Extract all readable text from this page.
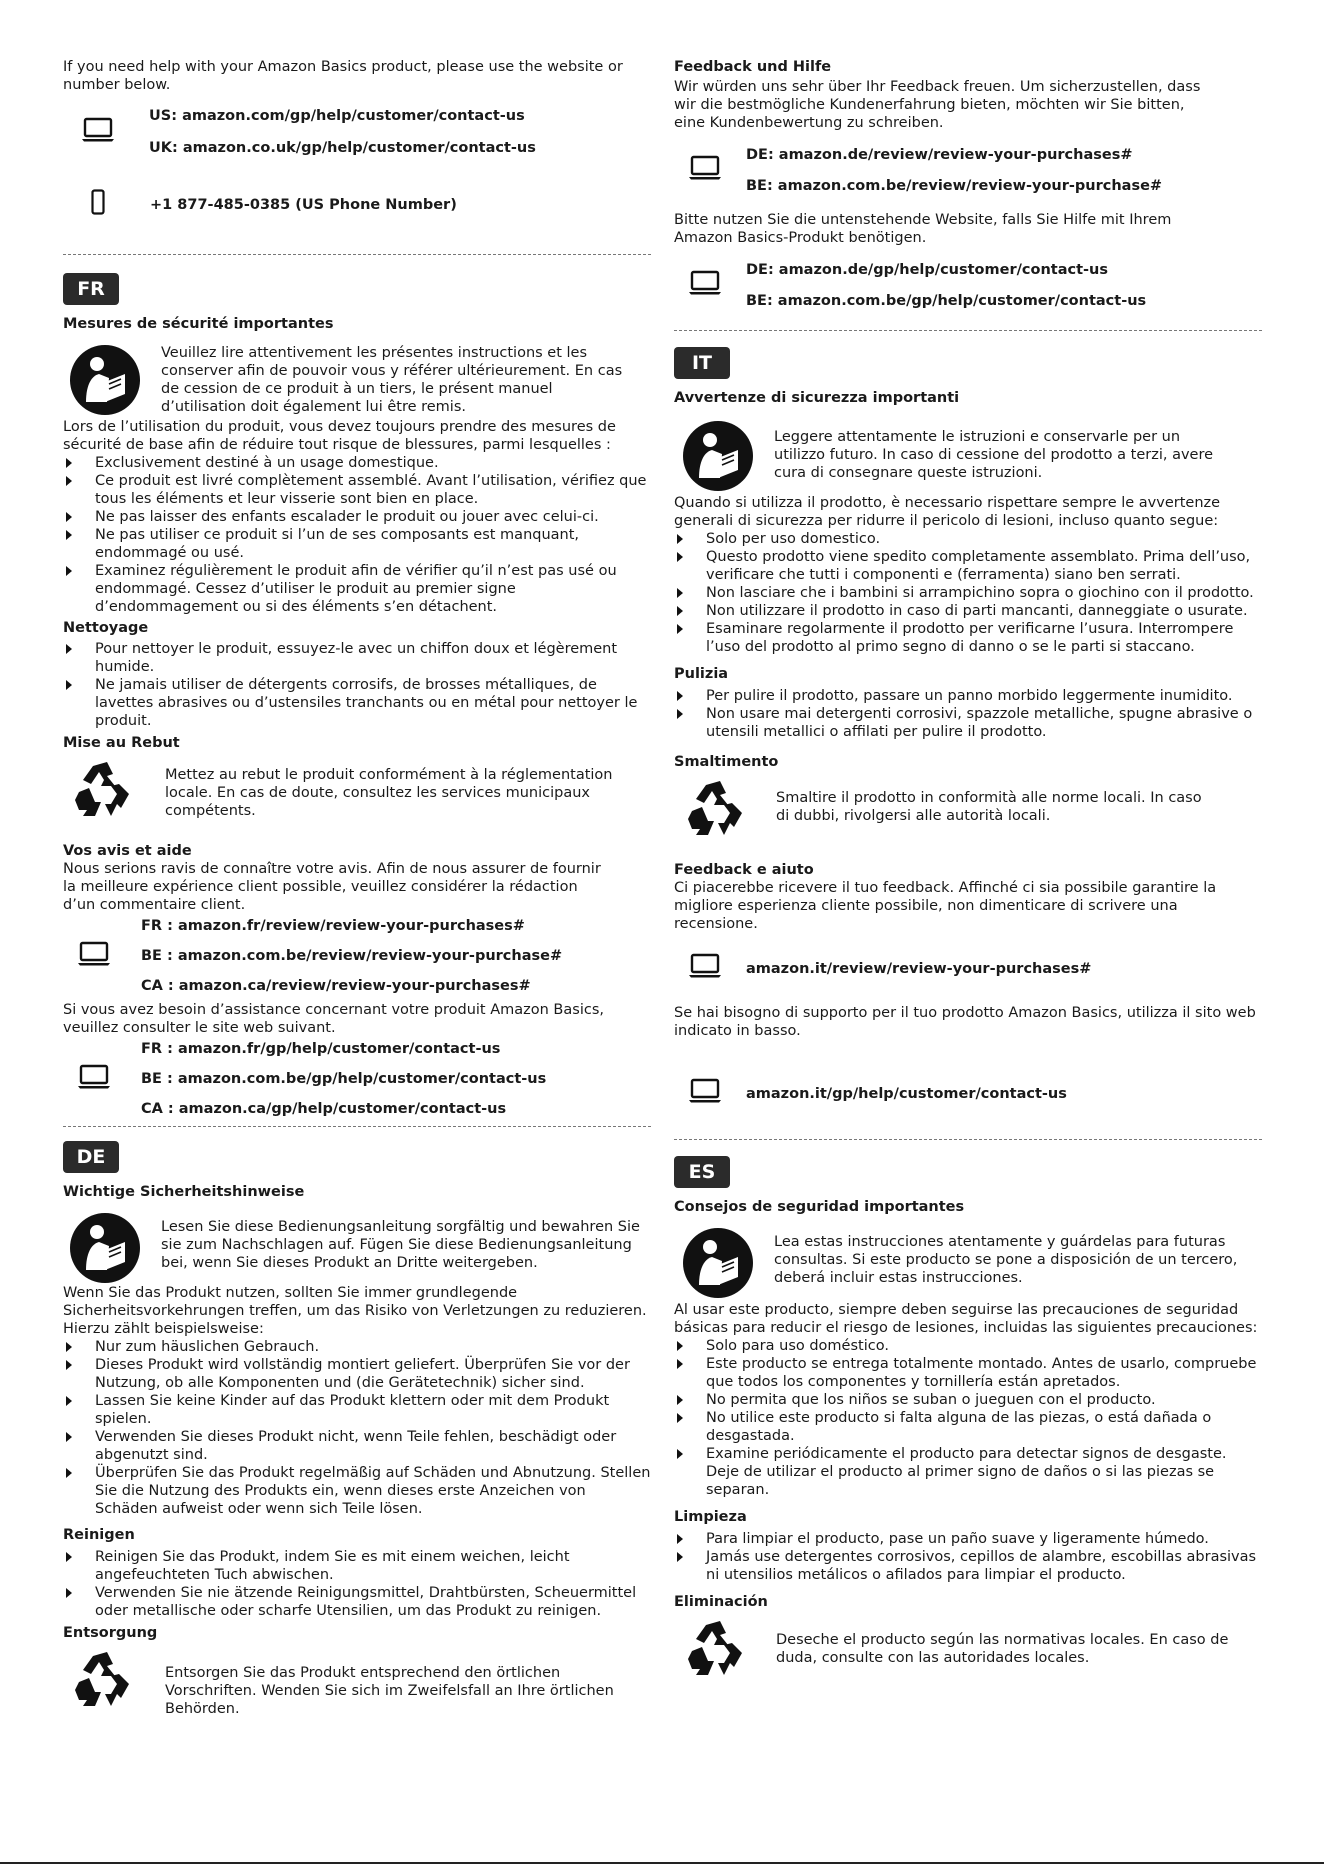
If you need help with your Amazon Basics product, please use the website or number below.

US: amazon.com/gp/help/customer/contact-us
UK: amazon.co.uk/gp/help/customer/contact-us
+1 877-485-0385 (US Phone Number)
FR

Mesures de sécurité importantes

Veuillez lire attentivement les présentes instructions et les conserver afin de pouvoir vous y référer ultérieurement. En cas de cession de ce produit à un tiers, le présent manuel d’utilisation doit également lui être remis.

Lors de l’utilisation du produit, vous devez toujours prendre des mesures de sécurité de base afin de réduire tout risque de blessures, parmi lesquelles :

Exclusivement destiné à un usage domestique.
Ce produit est livré complètement assemblé. Avant l’utilisation, vérifiez que tous les éléments et leur visserie sont bien en place.
Ne pas laisser des enfants escalader le produit ou jouer avec celui-ci.
Ne pas utiliser ce produit si l’un de ses composants est manquant, endommagé ou usé.
Examinez régulièrement le produit afin de vérifier qu’il n’est pas usé ou endommagé. Cessez d’utiliser le produit au premier signe d’endommagement ou si des éléments s’en détachent.

Nettoyage

Pour nettoyer le produit, essuyez-le avec un chiffon doux et légèrement humide.
Ne jamais utiliser de détergents corrosifs, de brosses métalliques, de lavettes abrasives ou d’ustensiles tranchants ou en métal pour nettoyer le produit.

Mise au Rebut

Mettez au rebut le produit conformément à la réglementation locale. En cas de doute, consultez les services municipaux compétents.

Vos avis et aide

Nous serions ravis de connaître votre avis. Afin de nous assurer de fournir la meilleure expérience client possible, veuillez considérer la rédaction d’un commentaire client.

FR : amazon.fr/review/review-your-purchases#
BE : amazon.com.be/review/review-your-purchase#
CA : amazon.ca/review/review-your-purchases#

Si vous avez besoin d’assistance concernant votre produit Amazon Basics, veuillez consulter le site web suivant.

FR : amazon.fr/gp/help/customer/contact-us
BE : amazon.com.be/gp/help/customer/contact-us
CA : amazon.ca/gp/help/customer/contact-us
DE

Wichtige Sicherheitshinweise

Lesen Sie diese Bedienungsanleitung sorgfältig und bewahren Sie sie zum Nachschlagen auf. Fügen Sie diese Bedienungsanleitung bei, wenn Sie dieses Produkt an Dritte weitergeben.

Wenn Sie das Produkt nutzen, sollten Sie immer grundlegende Sicherheitsvorkehrungen treffen, um das Risiko von Verletzungen zu reduzieren. Hierzu zählt beispielsweise:

Nur zum häuslichen Gebrauch.
Dieses Produkt wird vollständig montiert geliefert. Überprüfen Sie vor der Nutzung, ob alle Komponenten und (die Gerätetechnik) sicher sind.
Lassen Sie keine Kinder auf das Produkt klettern oder mit dem Produkt spielen.
Verwenden Sie dieses Produkt nicht, wenn Teile fehlen, beschädigt oder abgenutzt sind.
Überprüfen Sie das Produkt regelmäßig auf Schäden und Abnutzung. Stellen Sie die Nutzung des Produkts ein, wenn dieses erste Anzeichen von Schäden aufweist oder wenn sich Teile lösen.

Reinigen

Reinigen Sie das Produkt, indem Sie es mit einem weichen, leicht angefeuchteten Tuch abwischen.
Verwenden Sie nie ätzende Reinigungsmittel, Drahtbürsten, Scheuermittel oder metallische oder scharfe Utensilien, um das Produkt zu reinigen.

Entsorgung

Entsorgen Sie das Produkt entsprechend den örtlichen Vorschriften. Wenden Sie sich im Zweifelsfall an Ihre örtlichen Behörden.

Feedback und Hilfe

Wir würden uns sehr über Ihr Feedback freuen. Um sicherzustellen, dass wir die bestmögliche Kundenerfahrung bieten, möchten wir Sie bitten, eine Kundenbewertung zu schreiben.

DE: amazon.de/review/review-your-purchases#
BE: amazon.com.be/review/review-your-purchase#

Bitte nutzen Sie die untenstehende Website, falls Sie Hilfe mit Ihrem Amazon Basics-Produkt benötigen.

DE: amazon.de/gp/help/customer/contact-us
BE: amazon.com.be/gp/help/customer/contact-us
IT

Avvertenze di sicurezza importanti

Leggere attentamente le istruzioni e conservarle per un utilizzo futuro. In caso di cessione del prodotto a terzi, avere cura di consegnare queste istruzioni.

Quando si utilizza il prodotto, è necessario rispettare sempre le avvertenze generali di sicurezza per ridurre il pericolo di lesioni, incluso quanto segue:

Solo per uso domestico.
Questo prodotto viene spedito completamente assemblato. Prima dell’uso, verificare che tutti i componenti e (ferramenta) siano ben serrati.
Non lasciare che i bambini si arrampichino sopra o giochino con il prodotto.
Non utilizzare il prodotto in caso di parti mancanti, danneggiate o usurate.
Esaminare regolarmente il prodotto per verificarne l’usura. Interrompere l’uso del prodotto al primo segno di danno o se le parti si staccano.

Pulizia

Per pulire il prodotto, passare un panno morbido leggermente inumidito.
Non usare mai detergenti corrosivi, spazzole metalliche, spugne abrasive o utensili metallici o affilati per pulire il prodotto.

Smaltimento

Smaltire il prodotto in conformità alle norme locali. In caso di dubbi, rivolgersi alle autorità locali.

Feedback e aiuto

Ci piacerebbe ricevere il tuo feedback. Affinché ci sia possibile garantire la migliore esperienza cliente possibile, non dimenticare di scrivere una recensione.

amazon.it/review/review-your-purchases#

Se hai bisogno di supporto per il tuo prodotto Amazon Basics, utilizza il sito web indicato in basso.

amazon.it/gp/help/customer/contact-us
ES

Consejos de seguridad importantes

Lea estas instrucciones atentamente y guárdelas para futuras consultas. Si este producto se pone a disposición de un tercero, deberá incluir estas instrucciones.

Al usar este producto, siempre deben seguirse las precauciones de seguridad básicas para reducir el riesgo de lesiones, incluidas las siguientes precauciones:

Solo para uso doméstico.
Este producto se entrega totalmente montado. Antes de usarlo, compruebe que todos los componentes y tornillería están apretados.
No permita que los niños se suban o jueguen con el producto.
No utilice este producto si falta alguna de las piezas, o está dañada o desgastada.
Examine periódicamente el producto para detectar signos de desgaste. Deje de utilizar el producto al primer signo de daños o si las piezas se separan.

Limpieza

Para limpiar el producto, pase un paño suave y ligeramente húmedo.
Jamás use detergentes corrosivos, cepillos de alambre, escobillas abrasivas ni utensilios metálicos o afilados para limpiar el producto.

Eliminación

Deseche el producto según las normativas locales. En caso de duda, consulte con las autoridades locales.
